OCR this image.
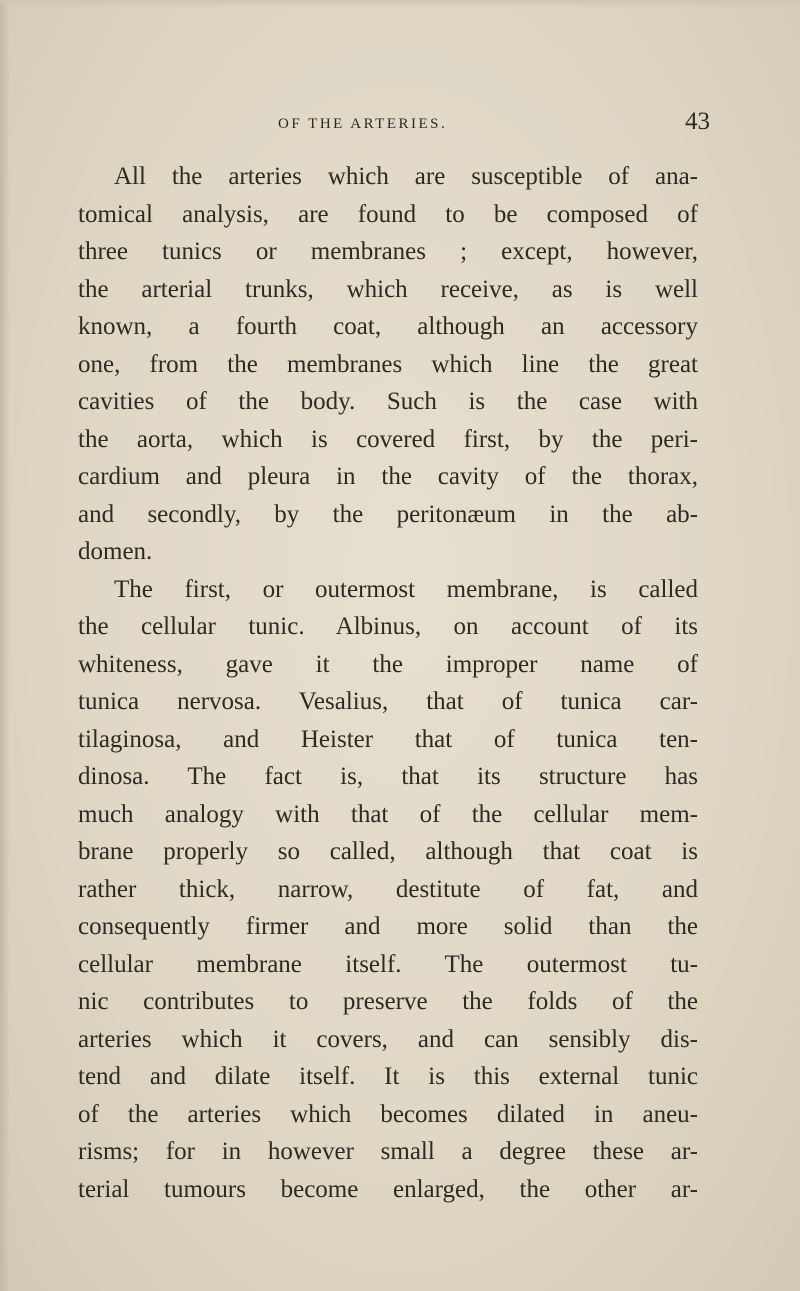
OF THE ARTERIES.	43
All the arteries which are susceptible of ana-
tomical analysis, are found to be composed of
three tunics or membranes ; except, however,
the arterial trunks, which receive, as is well
known, a fourth coat, although an accessory
one, from the membranes which line the great
cavities of the body. Such is the case with
the aorta, which is covered first, by the peri-
cardium and pleura in the cavity of the thorax,
and secondly, by the peritonæum in the ab-
domen.
The first, or outermost membrane, is called
the cellular tunic. Albinus, on account of its
whiteness, gave it the improper name of
tunica nervosa. Vesalius, that of tunica car-
tilaginosa, and Heister that of tunica ten-
dinosa. The fact is, that its structure has
much analogy with that of the cellular mem-
brane properly so called, although that coat is
rather thick, narrow, destitute of fat, and
consequently firmer and more solid than the
cellular membrane itself. The outermost tu-
nic contributes to preserve the folds of the
arteries which it covers, and can sensibly dis-
tend and dilate itself. It is this external tunic
of the arteries which becomes dilated in aneu-
risms; for in however small a degree these ar-
terial tumours become enlarged, the other ar-
